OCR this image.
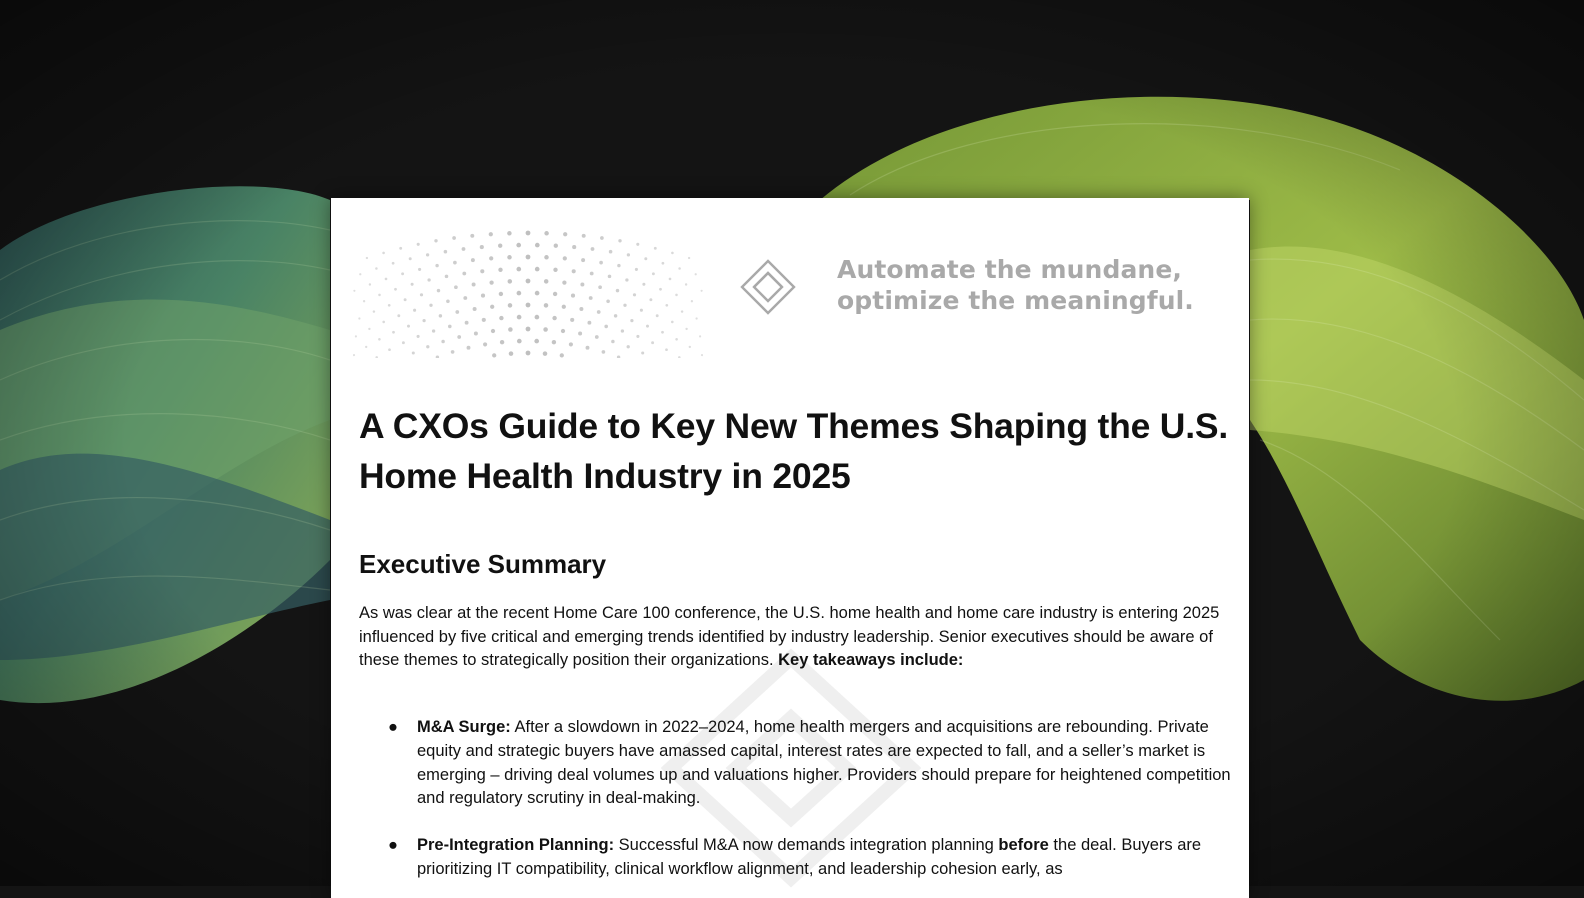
Automate the mundane,
optimize the meaningful.

A CXOs Guide to Key New Themes Shaping the U.S. Home Health Industry in 2025
Executive Summary

As was clear at the recent Home Care 100 conference, the U.S. home health and home care industry is entering 2025 influenced by five critical and emerging trends identified by industry leadership. Senior executives should be aware of these themes to strategically position their organizations. Key takeaways include:

● M&A Surge: After a slowdown in 2022–2024, home health mergers and acquisitions are rebounding. Private equity and strategic buyers have amassed capital, interest rates are expected to fall, and a seller’s market is emerging – driving deal volumes up and valuations higher. Providers should prepare for heightened competition and regulatory scrutiny in deal-making.
● Pre-Integration Planning: Successful M&A now demands integration planning before the deal. Buyers are prioritizing IT compatibility, clinical workflow alignment, and leadership cohesion early, as
